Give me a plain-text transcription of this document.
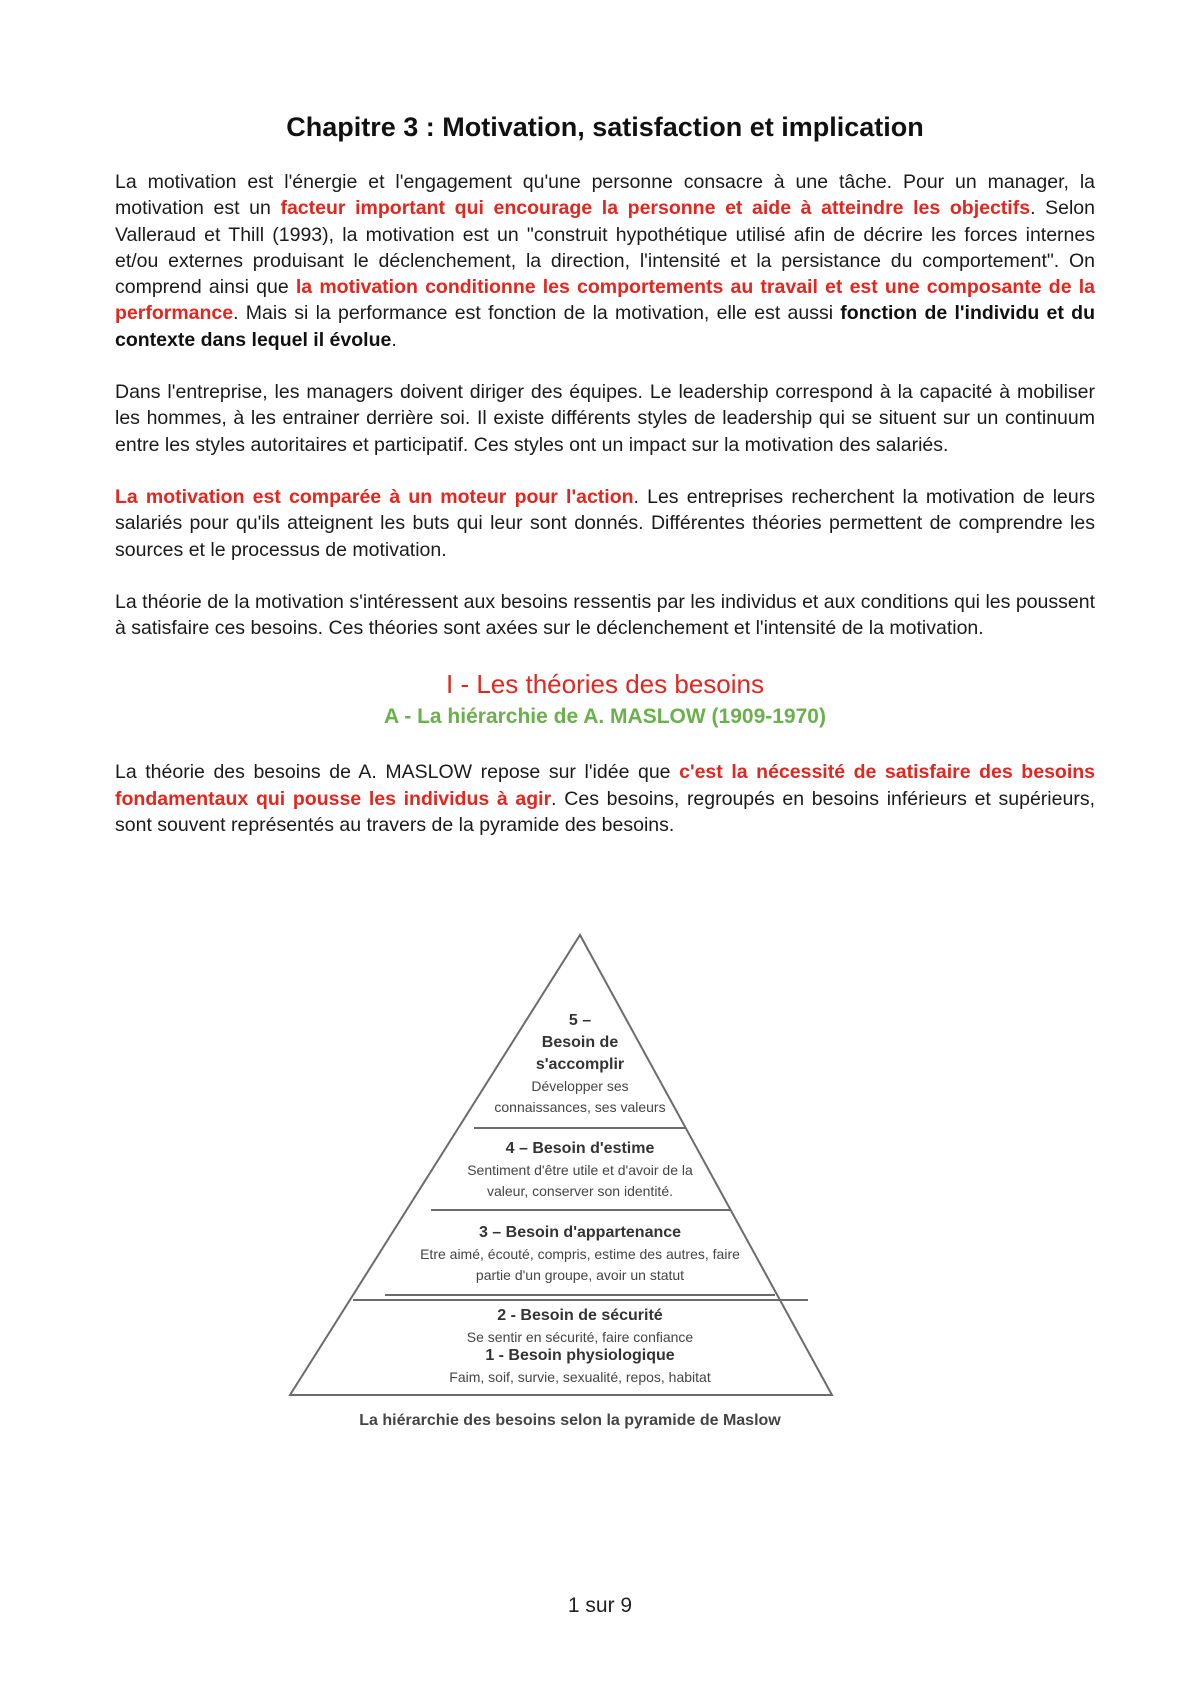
Chapitre 3 : Motivation, satisfaction et implication

La motivation est l'énergie et l'engagement qu'une personne consacre à une tâche. Pour un manager, la motivation est un facteur important qui encourage la personne et aide à atteindre les objectifs. Selon Valleraud et Thill (1993), la motivation est un "construit hypothétique utilisé afin de décrire les forces internes et/ou externes produisant le déclenchement, la direction, l'intensité et la persistance du comportement". On comprend ainsi que la motivation conditionne les comportements au travail et est une composante de la performance. Mais si la performance est fonction de la motivation, elle est aussi fonction de l'individu et du contexte dans lequel il évolue.

Dans l'entreprise, les managers doivent diriger des équipes. Le leadership correspond à la capacité à mobiliser les hommes, à les entrainer derrière soi. Il existe différents styles de leadership qui se situent sur un continuum entre les styles autoritaires et participatif. Ces styles ont un impact sur la motivation des salariés.

La motivation est comparée à un moteur pour l'action. Les entreprises recherchent la motivation de leurs salariés pour qu'ils atteignent les buts qui leur sont donnés. Différentes théories permettent de comprendre les sources et le processus de motivation.

La théorie de la motivation s'intéressent aux besoins ressentis par les individus et aux conditions qui les poussent à satisfaire ces besoins. Ces théories sont axées sur le déclenchement et l'intensité de la motivation.

I - Les théories des besoins
A - La hiérarchie de A. MASLOW (1909-1970)

La théorie des besoins de A. MASLOW repose sur l'idée que c'est la nécessité de satisfaire des besoins fondamentaux qui pousse les individus à agir. Ces besoins, regroupés en besoins inférieurs et supérieurs, sont souvent représentés au travers de la pyramide des besoins.

5 –
Besoin de
s'accomplir
Développer ses
connaissances, ses valeurs
4 – Besoin d'estime
Sentiment d'être utile et d'avoir de la
valeur, conserver son identité.
3 – Besoin d'appartenance
Etre aimé, écouté, compris, estime des autres, faire
partie d'un groupe, avoir un statut
2 - Besoin de sécurité
Se sentir en sécurité, faire confiance
1 - Besoin physiologique
Faim, soif, survie, sexualité, repos, habitat
La hiérarchie des besoins selon la pyramide de Maslow
1 sur 9
